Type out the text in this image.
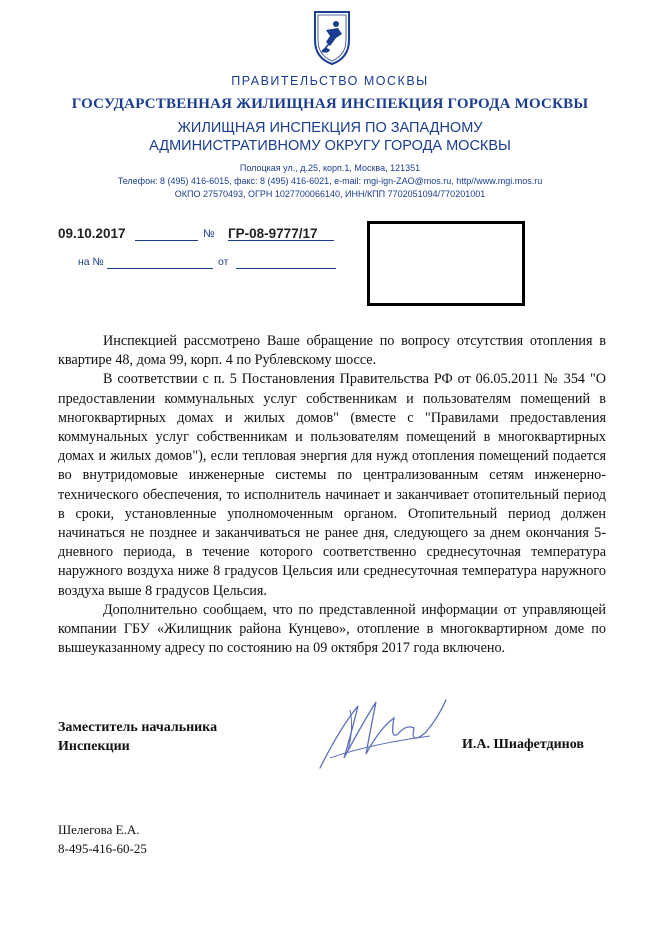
ПРАВИТЕЛЬСТВО МОСКВЫ
ГОСУДАРСТВЕННАЯ ЖИЛИЩНАЯ ИНСПЕКЦИЯ ГОРОДА МОСКВЫ
ЖИЛИЩНАЯ ИНСПЕКЦИЯ ПО ЗАПАДНОМУ
АДМИНИСТРАТИВНОМУ ОКРУГУ ГОРОДА МОСКВЫ
Полоцкая ул., д.25, корп.1, Москва, 121351
Телефон: 8 (495) 416-6015, факс: 8 (495) 416-6021, e-mail: mgi-ign-ZAO@mos.ru, http//www.mgi.mos.ru
ОКПО 27570493, ОГРН 1027700066140, ИНН/КПП 7702051094/770201001
09.10.2017	№ ГР-08-9777/17
на №	от

Инспекцией рассмотрено Ваше обращение по вопросу отсутствия отопления в квартире 48, дома 99, корп. 4 по Рублевскому шоссе.

В соответствии с п. 5 Постановления Правительства РФ от 06.05.2011 № 354 "О предоставлении коммунальных услуг собственникам и пользователям помещений в многоквартирных домах и жилых домов" (вместе с "Правилами предоставления коммунальных услуг собственникам и пользователям помещений в многоквартирных домах и жилых домов"), если тепловая энергия для нужд отопления помещений подается во внутридомовые инженерные системы по централизованным сетям инженерно-технического обеспечения, то исполнитель начинает и заканчивает отопительный период в сроки, установленные уполномоченным органом. Отопительный период должен начинаться не позднее и заканчиваться не ранее дня, следующего за днем окончания 5-дневного периода, в течение которого соответственно среднесуточная температура наружного воздуха ниже 8 градусов Цельсия или среднесуточная температура наружного воздуха выше 8 градусов Цельсия.

Дополнительно сообщаем, что по представленной информации от управляющей компании ГБУ «Жилищник района Кунцево», отопление в многоквартирном доме по вышеуказанному адресу по состоянию на 09 октября 2017 года включено.

Заместитель начальника
Инспекции	И.А. Шиафетдинов
Шелегова Е.А.
8-495-416-60-25
